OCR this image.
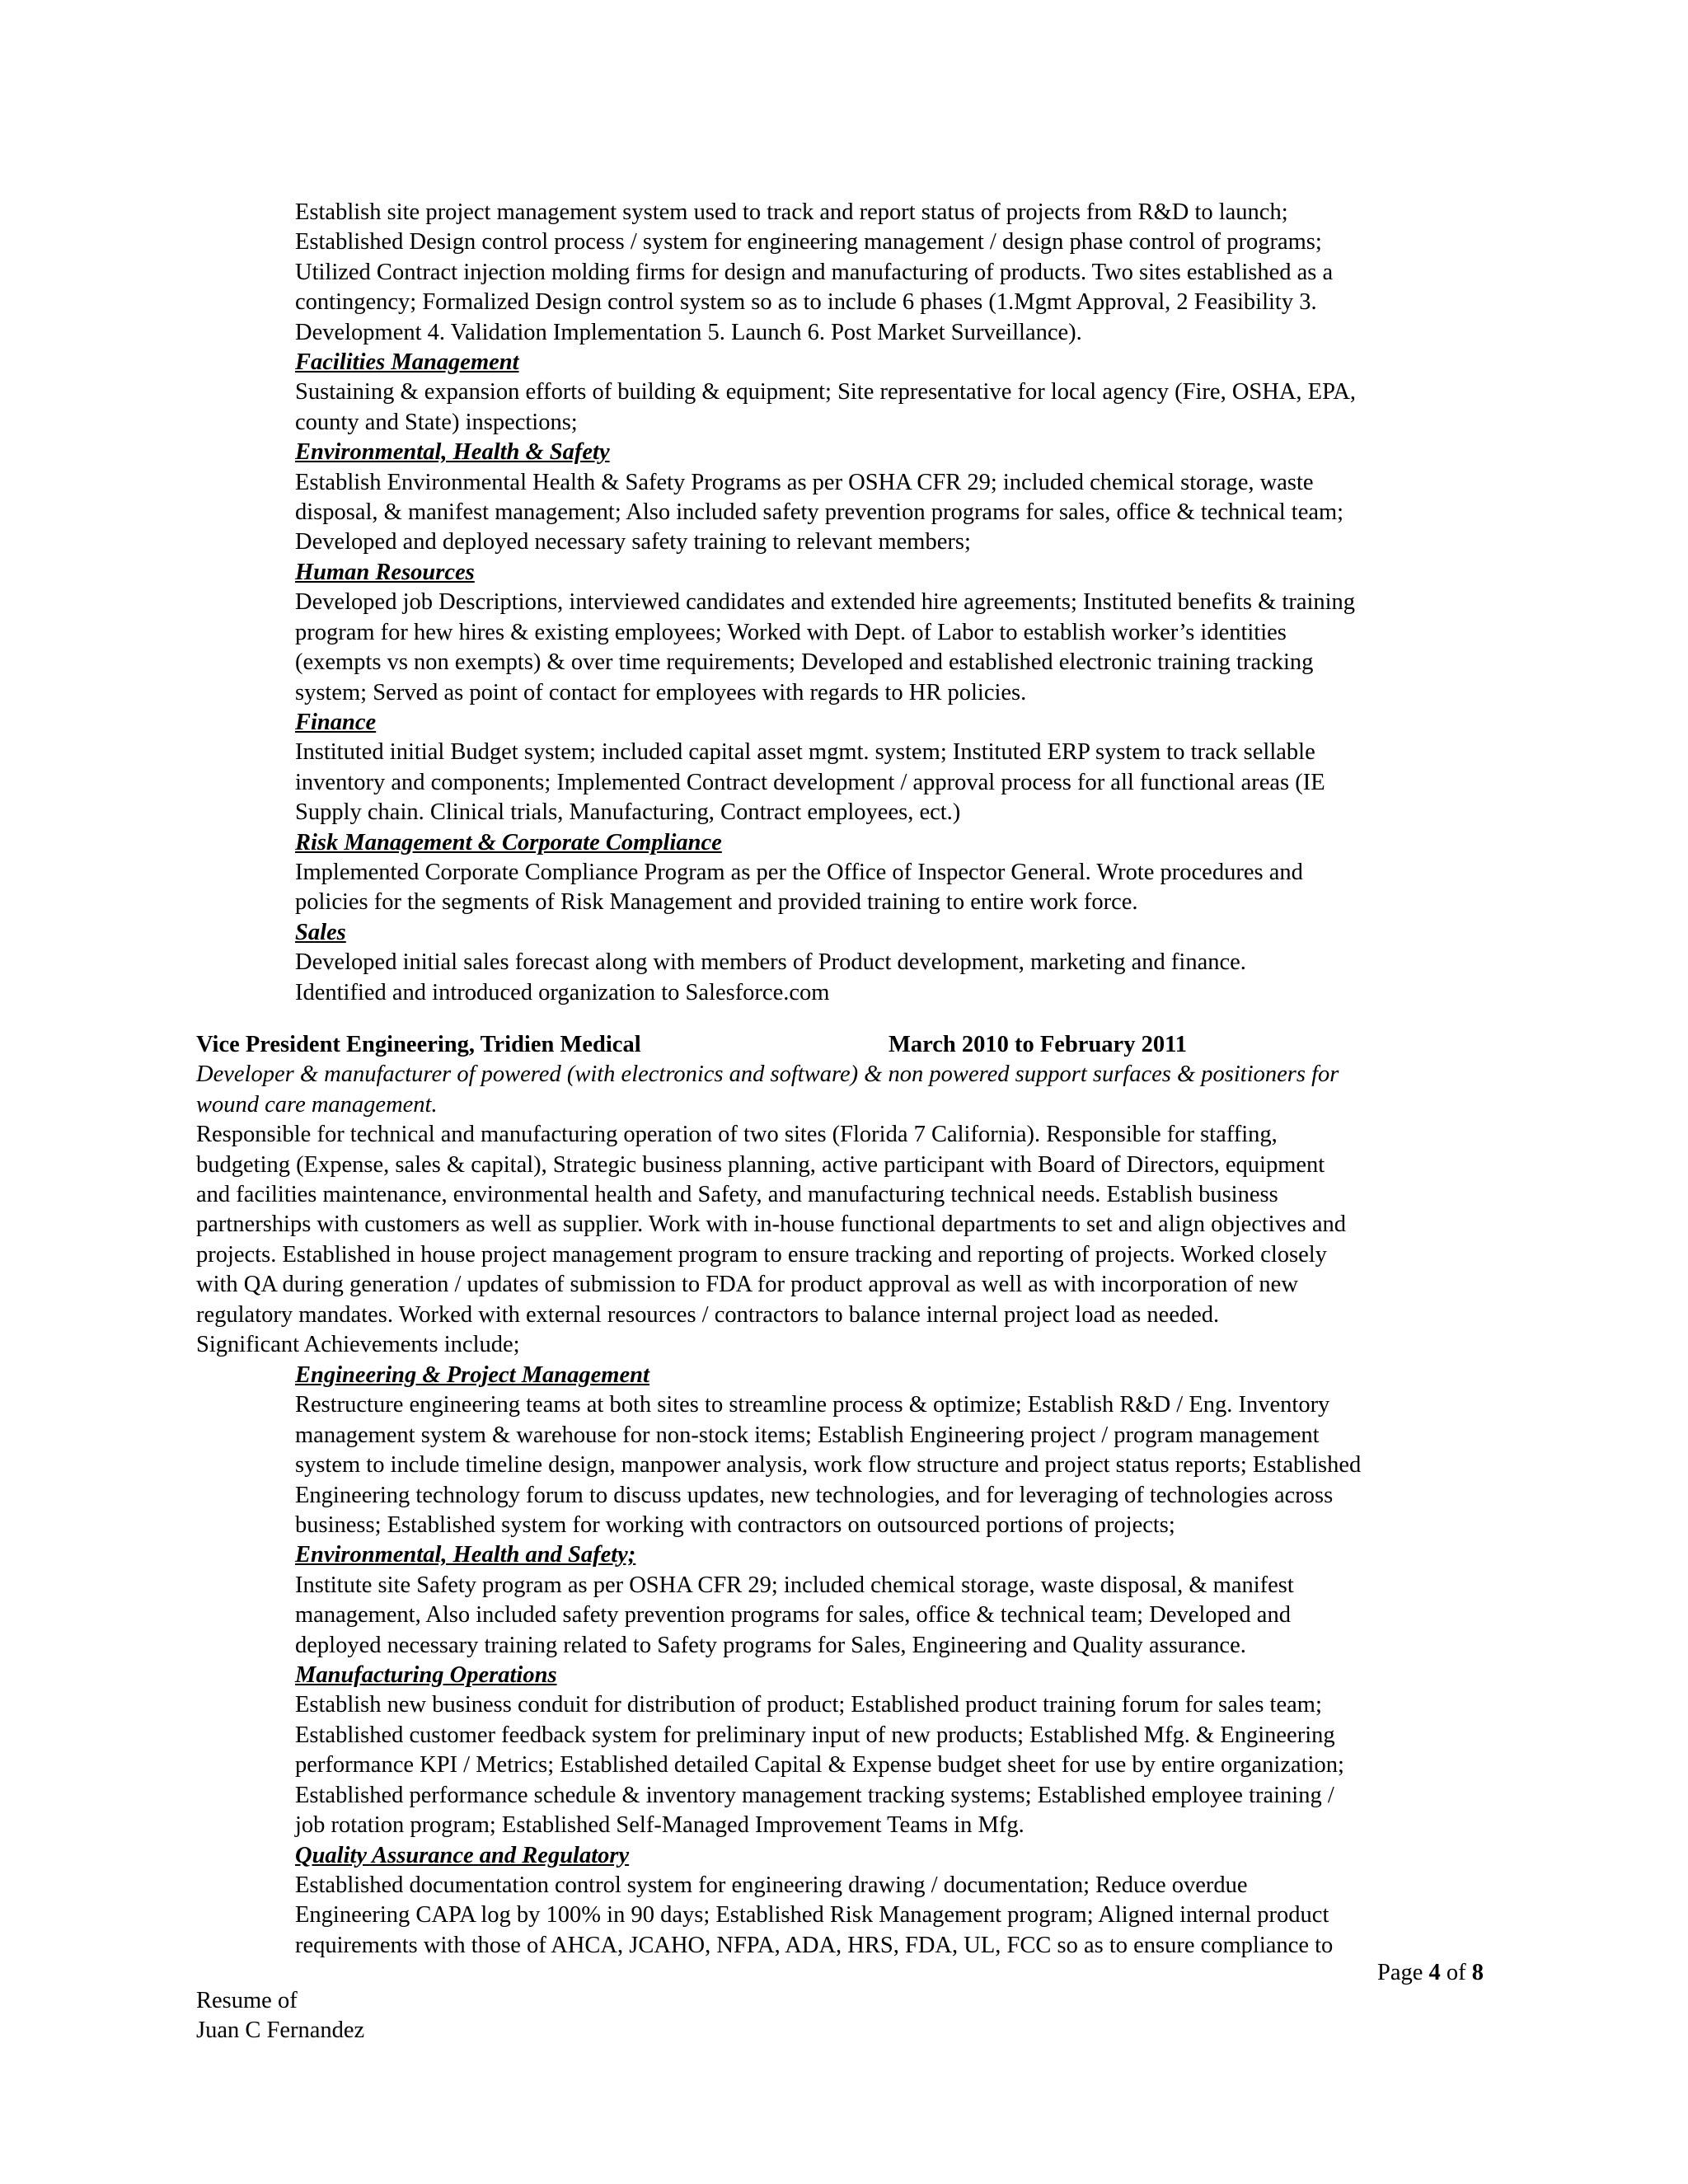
Establish site project management system used to track and report status of projects from R&D to launch;

Established Design control process / system for engineering management / design phase control of programs;

Utilized Contract injection molding firms for design and manufacturing of products. Two sites established as a

contingency; Formalized Design control system so as to include 6 phases (1.Mgmt Approval, 2 Feasibility 3.

Development 4. Validation Implementation 5. Launch 6. Post Market Surveillance).

Facilities Management

Sustaining & expansion efforts of building & equipment; Site representative for local agency (Fire, OSHA, EPA,

county and State) inspections;

Environmental, Health & Safety

Establish Environmental Health & Safety Programs as per OSHA CFR 29; included chemical storage, waste

disposal, & manifest management; Also included safety prevention programs for sales, office & technical team;

Developed and deployed necessary safety training to relevant members;

Human Resources

Developed job Descriptions, interviewed candidates and extended hire agreements; Instituted benefits & training

program for hew hires & existing employees; Worked with Dept. of Labor to establish worker’s identities

(exempts vs non exempts) & over time requirements; Developed and established electronic training tracking

system; Served as point of contact for employees with regards to HR policies.

Finance

Instituted initial Budget system; included capital asset mgmt. system; Instituted ERP system to track sellable

inventory and components; Implemented Contract development / approval process for all functional areas (IE

Supply chain. Clinical trials, Manufacturing, Contract employees, ect.)

Risk Management & Corporate Compliance

Implemented Corporate Compliance Program as per the Office of Inspector General. Wrote procedures and

policies for the segments of Risk Management and provided training to entire work force.

Sales

Developed initial sales forecast along with members of Product development, marketing and finance.

Identified and introduced organization to Salesforce.com

Vice President Engineering, Tridien Medical	March 2010 to February 2011

Developer & manufacturer of powered (with electronics and software) & non powered support surfaces & positioners for

wound care management.

Responsible for technical and manufacturing operation of two sites (Florida 7 California). Responsible for staffing,

budgeting (Expense, sales & capital), Strategic business planning, active participant with Board of Directors, equipment

and facilities maintenance, environmental health and Safety, and manufacturing technical needs. Establish business

partnerships with customers as well as supplier. Work with in-house functional departments to set and align objectives and

projects. Established in house project management program to ensure tracking and reporting of projects. Worked closely

with QA during generation / updates of submission to FDA for product approval as well as with incorporation of new

regulatory mandates. Worked with external resources / contractors to balance internal project load as needed.

Significant Achievements include;

Engineering & Project Management

Restructure engineering teams at both sites to streamline process & optimize; Establish R&D / Eng. Inventory

management system & warehouse for non-stock items; Establish Engineering project / program management

system to include timeline design, manpower analysis, work flow structure and project status reports; Established

Engineering technology forum to discuss updates, new technologies, and for leveraging of technologies across

business; Established system for working with contractors on outsourced portions of projects;

Environmental, Health and Safety;

Institute site Safety program as per OSHA CFR 29; included chemical storage, waste disposal, & manifest

management, Also included safety prevention programs for sales, office & technical team; Developed and

deployed necessary training related to Safety programs for Sales, Engineering and Quality assurance.

Manufacturing Operations

Establish new business conduit for distribution of product; Established product training forum for sales team;

Established customer feedback system for preliminary input of new products; Established Mfg. & Engineering

performance KPI / Metrics; Established detailed Capital & Expense budget sheet for use by entire organization;

Established performance schedule & inventory management tracking systems; Established employee training /

job rotation program; Established Self-Managed Improvement Teams in Mfg.

Quality Assurance and Regulatory

Established documentation control system for engineering drawing / documentation; Reduce overdue

Engineering CAPA log by 100% in 90 days; Established Risk Management program; Aligned internal product

requirements with those of AHCA, JCAHO, NFPA, ADA, HRS, FDA, UL, FCC so as to ensure compliance to

Page 4 of 8

Resume of

Juan C Fernandez
